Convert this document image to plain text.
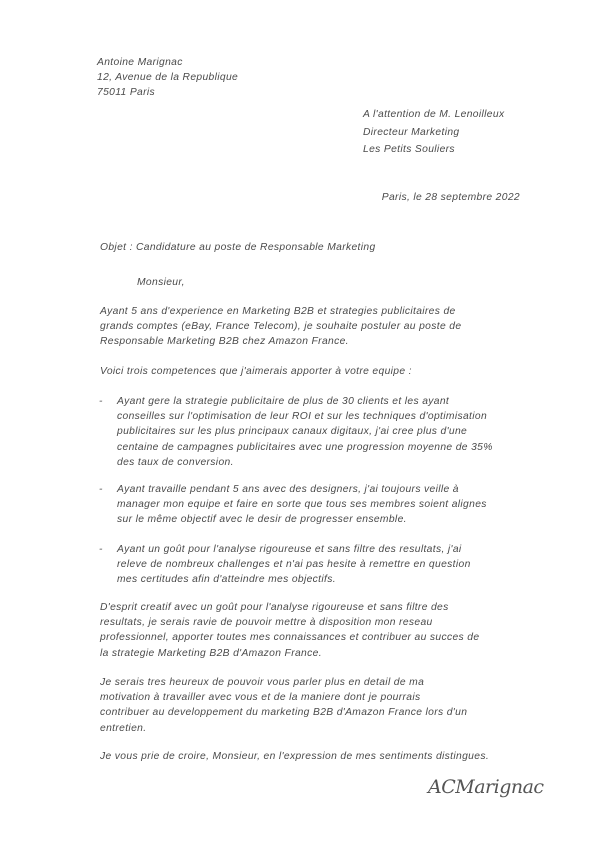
Antoine Marignac
12, Avenue de la Republique
75011 Paris
A l'attention de M. Lenoilleux
Directeur Marketing
Les Petits Souliers
Paris, le 28 septembre 2022
Objet : Candidature au poste de Responsable Marketing
Monsieur,
Ayant 5 ans d'experience en Marketing B2B et strategies publicitaires de
grands comptes (eBay, France Telecom), je souhaite postuler au poste de
Responsable Marketing B2B chez Amazon France.
Voici trois competences que j'aimerais apporter à votre equipe :
- Ayant gere la strategie publicitaire de plus de 30 clients et les ayant
conseilles sur l'optimisation de leur ROI et sur les techniques d'optimisation
publicitaires sur les plus principaux canaux digitaux, j'ai cree plus d'une
centaine de campagnes publicitaires avec une progression moyenne de 35%
des taux de conversion.
- Ayant travaille pendant 5 ans avec des designers, j'ai toujours veille à
manager mon equipe et faire en sorte que tous ses membres soient alignes
sur le même objectif avec le desir de progresser ensemble.
- Ayant un goût pour l'analyse rigoureuse et sans filtre des resultats, j'ai
releve de nombreux challenges et n'ai pas hesite à remettre en question
mes certitudes afin d'atteindre mes objectifs.
D'esprit creatif avec un goût pour l'analyse rigoureuse et sans filtre des
resultats, je serais ravie de pouvoir mettre à disposition mon reseau
professionnel, apporter toutes mes connaissances et contribuer au succes de
la strategie Marketing B2B d'Amazon France.
Je serais tres heureux de pouvoir vous parler plus en detail de ma
motivation à travailler avec vous et de la maniere dont je pourrais
contribuer au developpement du marketing B2B d'Amazon France lors d'un
entretien.
Je vous prie de croire, Monsieur, en l'expression de mes sentiments distingues.
ACMarignac
